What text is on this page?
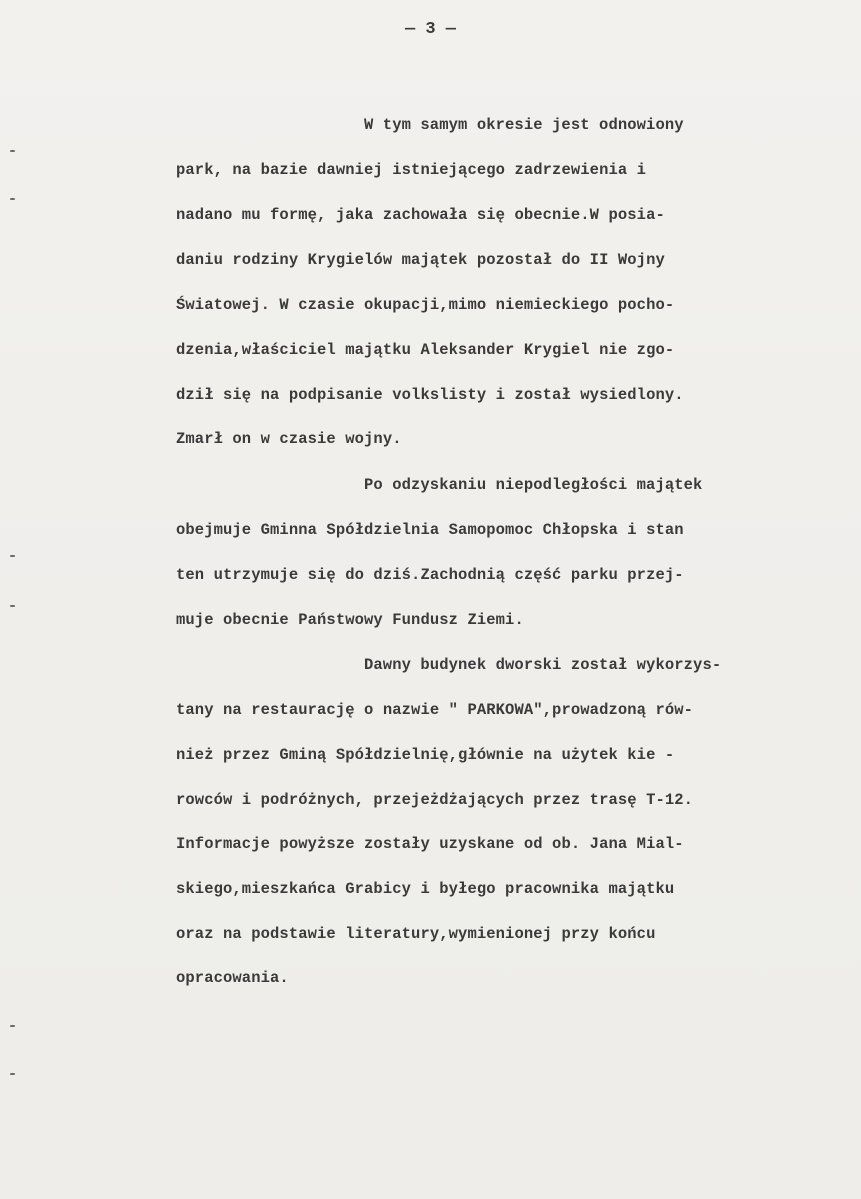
— 3 —
W tym samym okresie jest odnowiony
park, na bazie dawniej istniejącego zadrzewienia i
nadano mu formę, jaka zachowała się obecnie.W posia-
daniu rodziny Krygielów majątek pozostał do II Wojny
Światowej. W czasie okupacji,mimo niemieckiego pocho-
dzenia,właściciel majątku Aleksander Krygiel nie zgo-
dził się na podpisanie volkslisty i został wysiedlony.
Zmarł on w czasie wojny.
Po odzyskaniu niepodległości majątek
obejmuje Gminna Spółdzielnia Samopomoc Chłopska i stan
ten utrzymuje się do dziś.Zachodnią część parku przej-
muje obecnie Państwowy Fundusz Ziemi.
Dawny budynek dworski został wykorzys-
tany na restaurację o nazwie " PARKOWA",prowadzoną rów-
nież przez Gminą Spółdzielnię,głównie na użytek kie -
rowców i podróżnych, przejeżdżających przez trasę T-12.
Informacje powyższe zostały uzyskane od ob. Jana Mial-
skiego,mieszkańca Grabicy i byłego pracownika majątku
oraz na podstawie literatury,wymienionej przy końcu
opracowania.
